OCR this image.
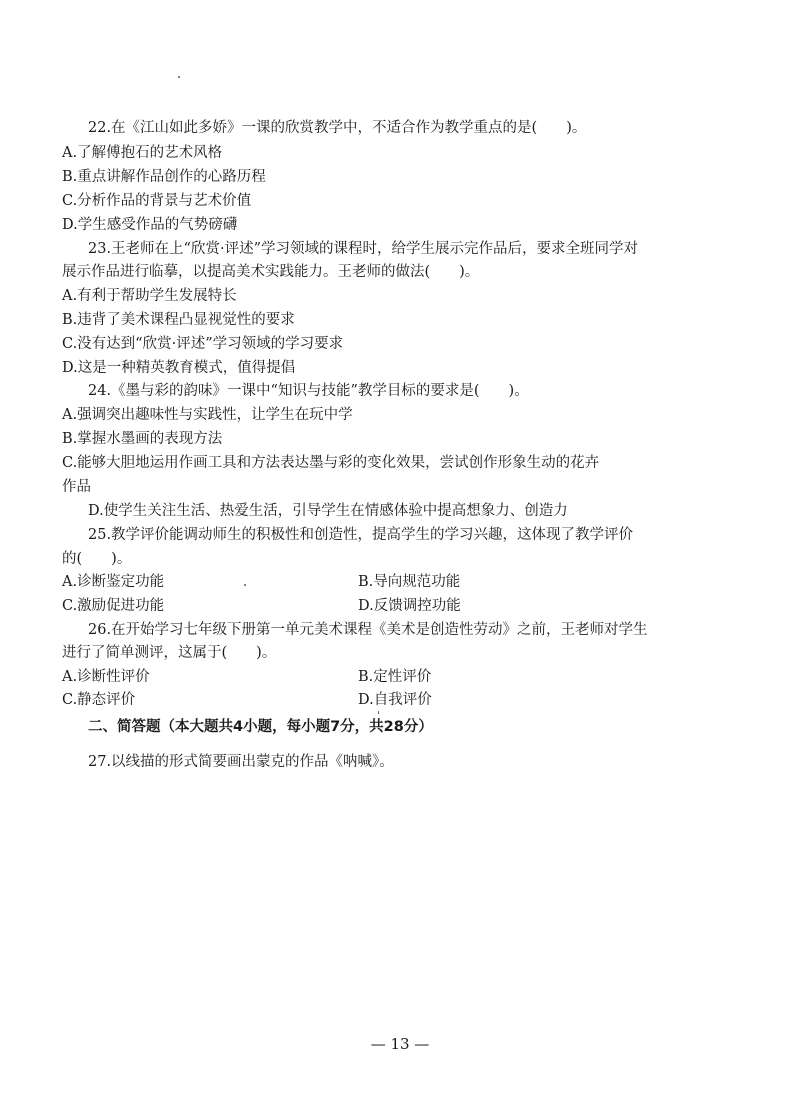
22.在《江山如此多娇》一课的欣赏教学中，不适合作为教学重点的是(　　)。
A.了解傅抱石的艺术风格
B.重点讲解作品创作的心路历程
C.分析作品的背景与艺术价值
D.学生感受作品的气势磅礴
23.王老师在上“欣赏·评述”学习领域的课程时，给学生展示完作品后，要求全班同学对
展示作品进行临摹，以提高美术实践能力。王老师的做法(　　)。
A.有利于帮助学生发展特长
B.违背了美术课程凸显视觉性的要求
C.没有达到“欣赏·评述”学习领域的学习要求
D.这是一种精英教育模式，值得提倡
24.《墨与彩的韵味》一课中“知识与技能”教学目标的要求是(　　)。
A.强调突出趣味性与实践性，让学生在玩中学
B.掌握水墨画的表现方法
C.能够大胆地运用作画工具和方法表达墨与彩的变化效果，尝试创作形象生动的花卉
作品
D.使学生关注生活、热爱生活，引导学生在情感体验中提高想象力、创造力
25.教学评价能调动师生的积极性和创造性，提高学生的学习兴趣，这体现了教学评价
的(　　)。
A.诊断鉴定功能	B.导向规范功能
C.激励促进功能	D.反馈调控功能
26.在开始学习七年级下册第一单元美术课程《美术是创造性劳动》之前，王老师对学生
进行了简单测评，这属于(　　)。
A.诊断性评价	B.定性评价
C.静态评价	D.自我评价
二、简答题（本大题共4小题，每小题7分，共28分）
27.以线描的形式简要画出蒙克的作品《呐喊》。
— 13 —
